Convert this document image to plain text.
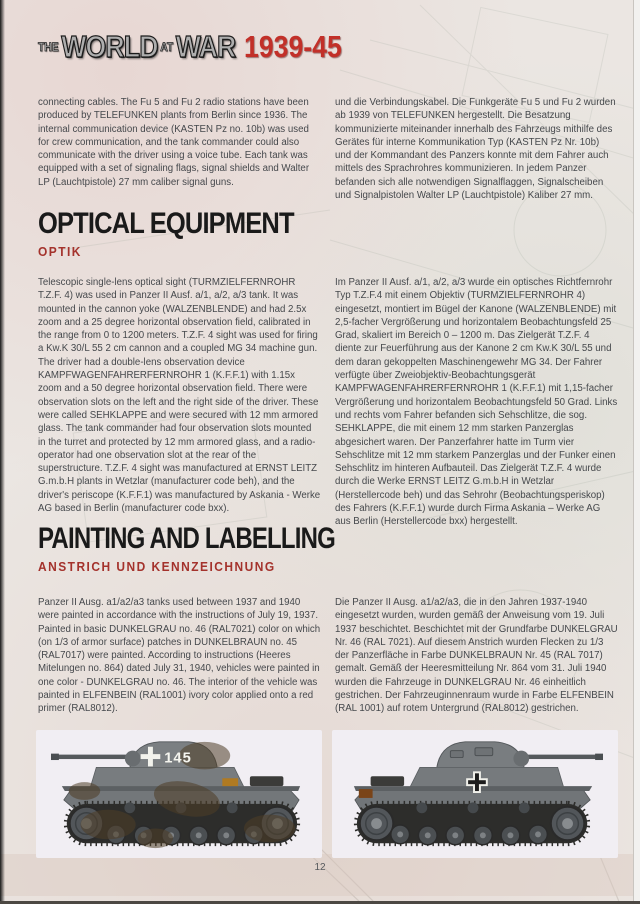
THE WORLD AT WAR 1939-45
connecting cables. The Fu 5 and Fu 2 radio stations have been produced by TELEFUNKEN plants from Berlin since 1936. The internal communication device (KASTEN Pz no. 10b) was used for crew communication, and the tank commander could also communicate with the driver using a voice tube. Each tank was equipped with a set of signaling flags, signal shields and Walter LP (Lauchtpistole) 27 mm caliber signal guns.
und die Verbindungskabel. Die Funkgeräte Fu 5 und Fu 2 wurden ab 1939 von TELEFUNKEN hergestellt. Die Besatzung kommunizierte miteinander innerhalb des Fahrzeugs mithilfe des Gerätes für interne Kommunikation Typ (KASTEN Pz Nr. 10b) und der Kommandant des Panzers konnte mit dem Fahrer auch mittels des Sprachrohres kommunizieren. In jedem Panzer befanden sich alle notwendigen Signalflaggen, Signalscheiben und Signalpistolen Walter LP (Lauchtpistole) Kaliber 27 mm.
OPTICAL EQUIPMENT
OPTIK
Telescopic single-lens optical sight (TURMZIELFERNROHR T.Z.F. 4) was used in Panzer II Ausf. a/1, a/2, a/3 tank. It was mounted in the cannon yoke (WALZENBLENDE) and had 2.5x zoom and a 25 degree horizontal observation field, calibrated in the range from 0 to 1200 meters. T.Z.F. 4 sight was used for firing a Kw.K 30/L 55 2 cm cannon and a coupled MG 34 machine gun. The driver had a double-lens observation device KAMPFWAGENFAHRERFERNROHR 1 (K.F.F.1) with 1.15x zoom and a 50 degree horizontal observation field. There were observation slots on the left and the right side of the driver. These were called SEHKLAPPE and were secured with 12 mm armored glass. The tank commander had four observation slots mounted in the turret and protected by 12 mm armored glass, and a radio-operator had one observation slot at the rear of the superstructure. T.Z.F. 4 sight was manufactured at ERNST LEITZ G.m.b.H plants in Wetzlar (manufacturer code beh), and the driver's periscope (K.F.F.1) was manufactured by Askania - Werke AG based in Berlin (manufacturer code bxx).
Im Panzer II Ausf. a/1, a/2, a/3 wurde ein optisches Richtfernrohr Typ T.Z.F.4 mit einem Objektiv (TURMZIELFERNROHR 4) eingesetzt, montiert im Bügel der Kanone (WALZENBLENDE) mit 2,5-facher Vergrößerung und horizontalem Beobachtungsfeld 25 Grad, skaliert im Bereich 0 – 1200 m. Das Zielgerät T.Z.F. 4 diente zur Feuerführung aus der Kanone 2 cm Kw.K 30/L 55 und dem daran gekoppelten Maschinengewehr MG 34. Der Fahrer verfügte über Zweiobjektiv-Beobachtungsgerät KAMPFWAGENFAHRERFERNROHR 1 (K.F.F.1) mit 1,15-facher Vergrößerung und horizontalem Beobachtungsfeld 50 Grad. Links und rechts vom Fahrer befanden sich Sehschlitze, die sog. SEHKLAPPE, die mit einem 12 mm starken Panzerglas abgesichert waren. Der Panzerfahrer hatte im Turm vier Sehschlitze mit 12 mm starkem Panzerglas und der Funker einen Sehschlitz im hinteren Aufbauteil. Das Zielgerät T.Z.F. 4 wurde durch die Werke ERNST LEITZ G.m.b.H in Wetzlar (Herstellercode beh) und das Sehrohr (Beobachtungsperiskop) des Fahrers (K.F.F.1) wurde durch Firma Askania – Werke AG aus Berlin (Herstellercode bxx) hergestellt.
PAINTING AND LABELLING
ANSTRICH UND KENNZEICHNUNG
Panzer II Ausg. a1/a2/a3 tanks used between 1937 and 1940 were painted in accordance with the instructions of July 19, 1937. Painted in basic DUNKELGRAU no. 46 (RAL7021) color on which (on 1/3 of armor surface) patches in DUNKELBRAUN no. 45 (RAL7017) were painted. According to instructions (Heeres Mitelungen no. 864) dated July 31, 1940, vehicles were painted in one color - DUNKELGRAU no. 46. The interior of the vehicle was painted in ELFENBEIN (RAL1001) ivory color applied onto a red primer (RAL8012).
Die Panzer II Ausg. a1/a2/a3, die in den Jahren 1937-1940 eingesetzt wurden, wurden gemäß der Anweisung vom 19. Juli 1937 beschichtet. Beschichtet mit der Grundfarbe DUNKELGRAU Nr. 46 (RAL 7021). Auf diesem Anstrich wurden Flecken zu 1/3 der Panzerfläche in Farbe DUNKELBRAUN Nr. 45 (RAL 7017) gemalt. Gemäß der Heeresmitteilung Nr. 864 vom 31. Juli 1940 wurden die Fahrzeuge in DUNKELGRAU Nr. 46 einheitlich gestrichen. Der Fahrzeuginnenraum wurde in Farbe ELFENBEIN (RAL 1001) auf rotem Untergrund (RAL8012) gestrichen.
145
12
